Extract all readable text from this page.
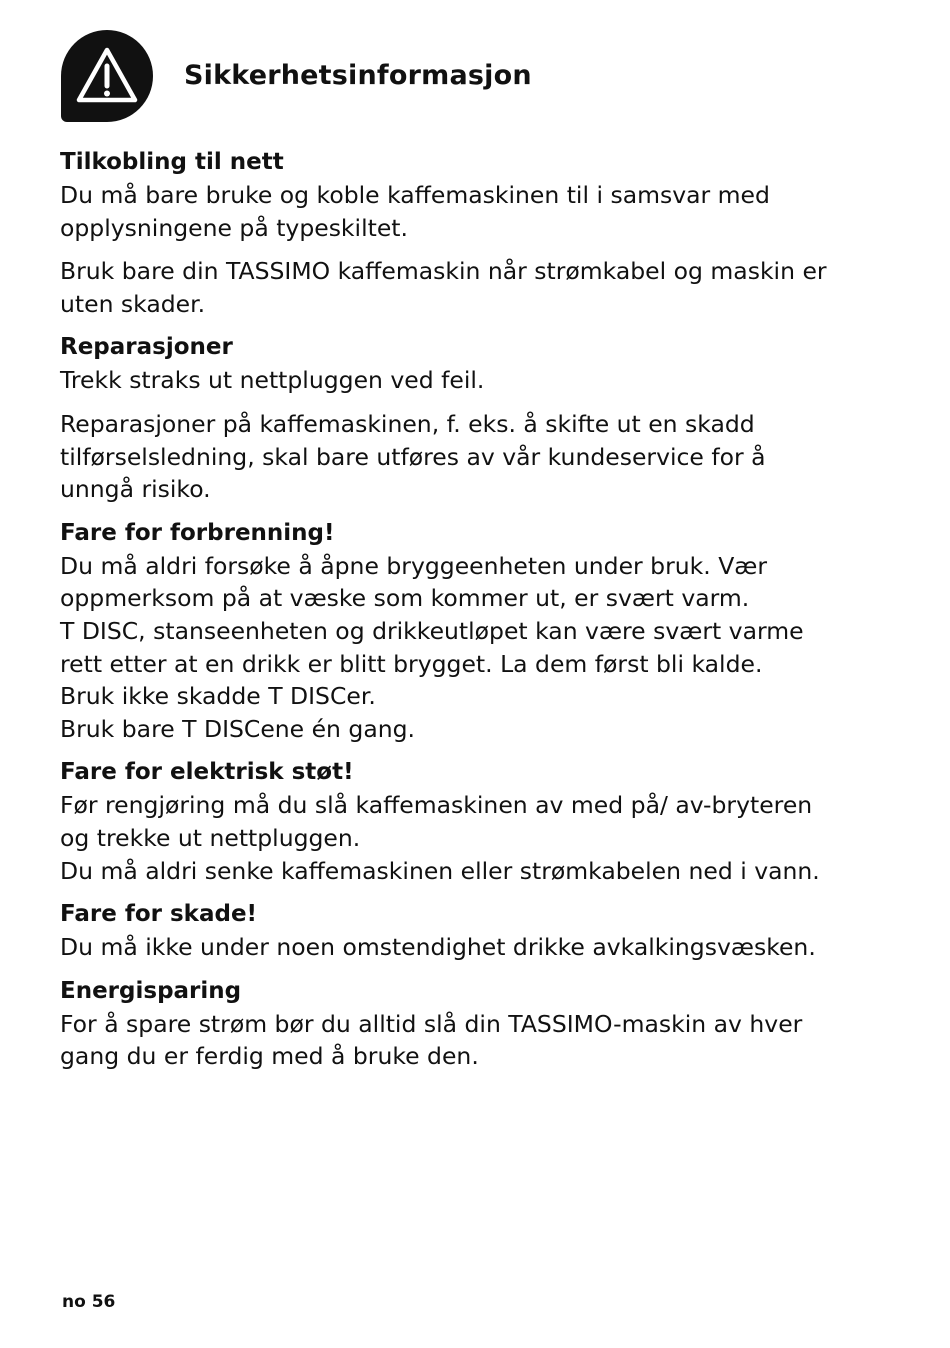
Sikkerhetsinformasjon
Tilkobling til nett
Du må bare bruke og koble kaffemaskinen til i samsvar med
opplysningene på typeskiltet.
Bruk bare din TASSIMO kaffemaskin når strømkabel og maskin er
uten skader.
Reparasjoner
Trekk straks ut nettpluggen ved feil.
Reparasjoner på kaffemaskinen, f. eks. å skifte ut en skadd
tilførselsledning, skal bare utføres av vår kundeservice for å
unngå risiko.
Fare for forbrenning!
Du må aldri forsøke å åpne bryggeenheten under bruk. Vær
oppmerksom på at væske som kommer ut, er svært varm.
T DISC, stanseenheten og drikkeutløpet kan være svært varme
rett etter at en drikk er blitt brygget. La dem først bli kalde.
Bruk ikke skadde T DISCer.
Bruk bare T DISCene én gang.
Fare for elektrisk støt!
Før rengjøring må du slå kaffemaskinen av med på/ av-bryteren
og trekke ut nettpluggen.
Du må aldri senke kaffemaskinen eller strømkabelen ned i vann.
Fare for skade!
Du må ikke under noen omstendighet drikke avkalkingsvæsken.
Energisparing
For å spare strøm bør du alltid slå din TASSIMO-maskin av hver
gang du er ferdig med å bruke den.
no 56
